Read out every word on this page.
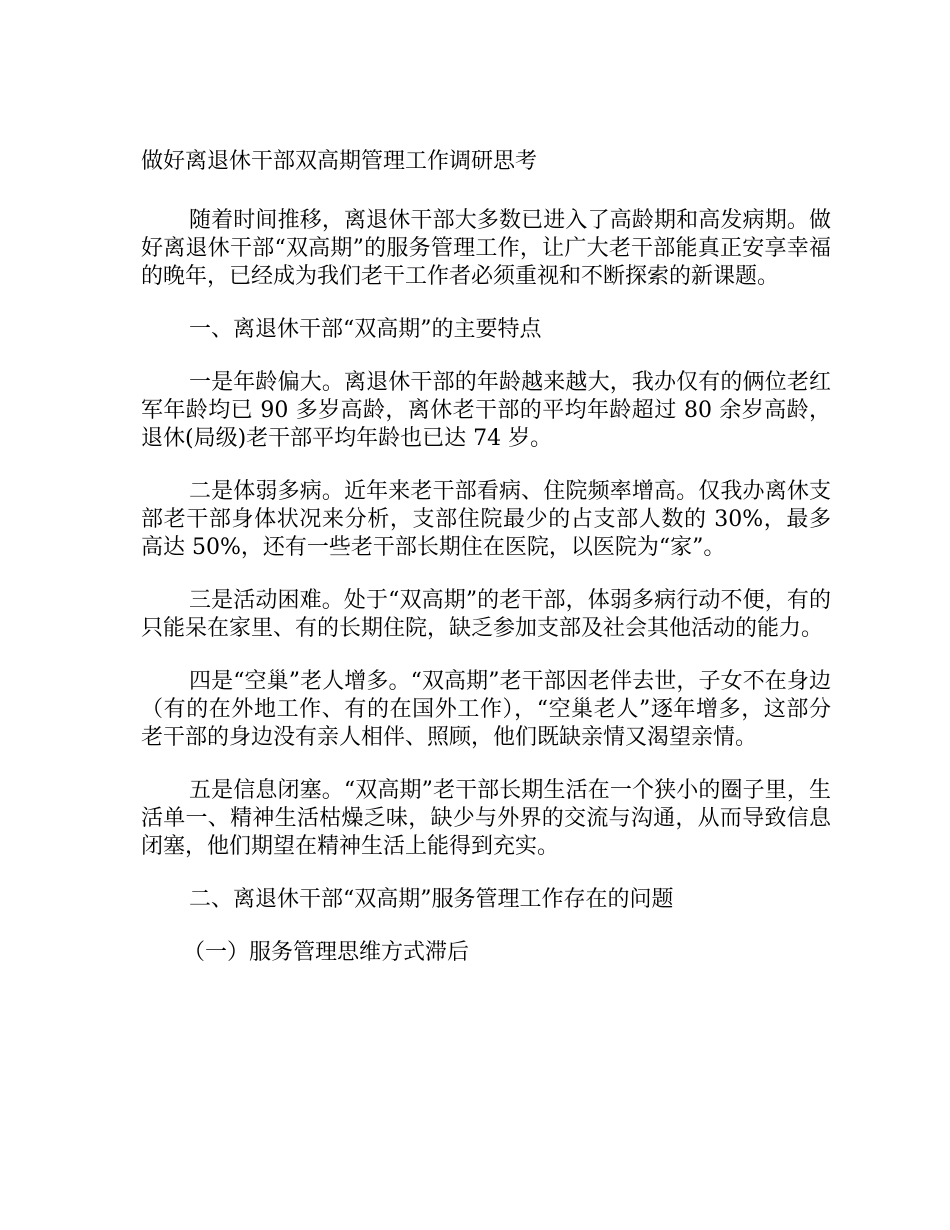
做好离退休干部双高期管理工作调研思考

随着时间推移，离退休干部大多数已进入了高龄期和高发病期。做好离退休干部“双高期”的服务管理工作，让广大老干部能真正安享幸福的晚年，已经成为我们老干工作者必须重视和不断探索的新课题。

一、离退休干部“双高期”的主要特点

一是年龄偏大。离退休干部的年龄越来越大，我办仅有的俩位老红军年龄均已 90 多岁高龄，离休老干部的平均年龄超过 80 余岁高龄，退休(局级)老干部平均年龄也已达 74 岁。

二是体弱多病。近年来老干部看病、住院频率增高。仅我办离休支部老干部身体状况来分析，支部住院最少的占支部人数的 30%，最多高达 50%，还有一些老干部长期住在医院，以医院为“家”。

三是活动困难。处于“双高期”的老干部，体弱多病行动不便，有的只能呆在家里、有的长期住院，缺乏参加支部及社会其他活动的能力。

四是“空巢”老人增多。“双高期”老干部因老伴去世，子女不在身边（有的在外地工作、有的在国外工作），“空巢老人”逐年增多，这部分老干部的身边没有亲人相伴、照顾，他们既缺亲情又渴望亲情。

五是信息闭塞。“双高期”老干部长期生活在一个狭小的圈子里，生活单一、精神生活枯燥乏味，缺少与外界的交流与沟通，从而导致信息闭塞，他们期望在精神生活上能得到充实。

二、离退休干部“双高期”服务管理工作存在的问题

（一）服务管理思维方式滞后
